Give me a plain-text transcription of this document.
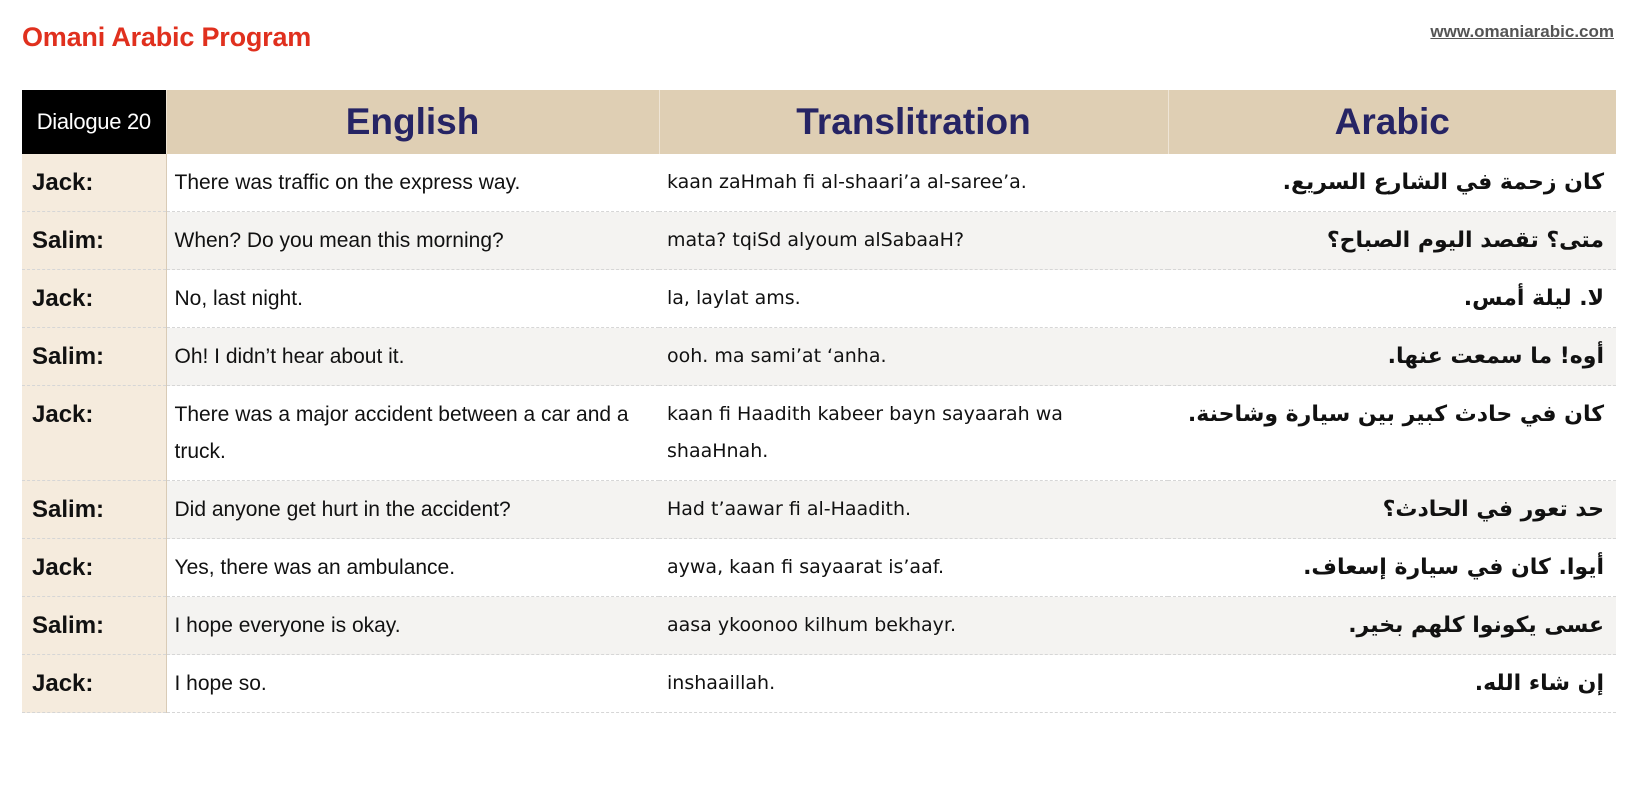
Omani Arabic Program	www.omaniarabic.com
Dialogue 20	English	Translitration	Arabic
Jack:	There was traffic on the express way.	kaan zaHmah fi al-shaari’a al-saree’a.	كان زحمة في الشارع السريع.
Salim:	When? Do you mean this morning?	mata? tqiSd alyoum alSabaaH?	متى؟ تقصد اليوم الصباح؟
Jack:	No, last night.	la, laylat ams.	لا. ليلة أمس.
Salim:	Oh! I didn’t hear about it.	ooh. ma sami’at ‘anha.	أوه! ما سمعت عنها.
Jack:	There was a major accident between a car and a truck.	kaan fi Haadith kabeer bayn sayaarah wa shaaHnah.	كان في حادث كبير بين سيارة وشاحنة.
Salim:	Did anyone get hurt in the accident?	Had t’aawar fi al-Haadith.	حد تعور في الحادث؟
Jack:	Yes, there was an ambulance.	aywa, kaan fi sayaarat is’aaf.	أيوا. كان في سيارة إسعاف.
Salim:	I hope everyone is okay.	aasa ykoonoo kilhum bekhayr.	عسى يكونوا كلهم بخير.
Jack:	I hope so.	inshaaillah.	إن شاء الله.
